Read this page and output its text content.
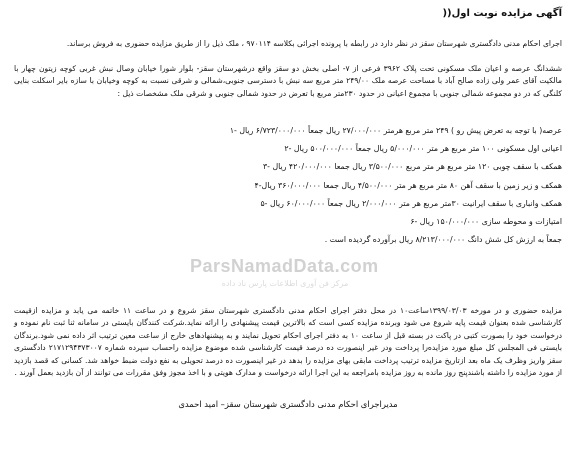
آگهی مزایده نوبت اول((
اجرای احکام مدنی دادگستری شهرستان سقز در نظر دارد در رابطه با پرونده اجرائی بکلاسه ۹۷۰۱۱۴ ، ملک ذیل را از طریق مزایده حضوری به فروش برساند.
ششدانگ عرصه و اعیان ملک مسکونی تحت پلاک ۳۹۶۲ فرعی از ۷- اصلی بخش دو سقز واقع درشهرستان سقز- بلوار شورا خیابان وصال نبش غربی کوچه زیتون چهار با مالکیت آقای عمر ولی زاده صالح آباد با مساحت عرصه ملک ۲۴۹/۰۰ متر مربع سه نبش با دسترسی جنوبی،شمالی و شرقی نسبت به کوچه وخیابان با سازه بایر اسکلت بنایی کلنگی که در دو مجموعه شمالی جنوبی با مجموع اعیانی در حدود ۲۳۰متر مربع با تعرض در حدود شمالی جنوبی و شرقی ملک مشخصات ذیل :
عرصه( با توجه به تعرض پیش رو ) ۲۴۹ متر مربع هرمتر ۲۷/۰۰۰/۰۰۰ ریال جمعاً ۶/۷۲۳/۰۰۰/۰۰۰ ریال -۱
اعیانی اول مسکونی ۱۰۰ متر مربع هر متر ۵/۰۰۰/۰۰۰ ریال جمعاً ۵۰۰/۰۰۰/۰۰۰ ریال -۲
همکف با سقف چوبی ۱۲۰ متر مربع هر متر مربع ۳/۵۰۰/۰۰۰ ریال جمعا ۴۲۰/۰۰۰/۰۰۰ ریال -۳
همکف و زیر زمین با سقف آهن ۸۰ متر مربع هر متر ۴/۵۰۰/۰۰۰ ریال جمعا ۳۶۰/۰۰۰/۰۰۰ ریال-۴
همکف وانباری با سقف ایرانیت ۳۰متر مربع هر متر ۲/۰۰۰/۰۰۰ ریال جمعاً ۶۰/۰۰۰/۰۰۰ ریال -۵
امتیازات و محوطه سازی ۱۵۰/۰۰۰/۰۰۰ ریال -۶
جمعاً به ارزش کل شش دانگ ۸/۲۱۳/۰۰۰/۰۰۰ ریال برآورده گردیده است .
مزایده حضوری و در مورخه ۱۳۹۹/۰۳/۰۳ساعت۱۰ در محل دفتر اجرای احکام مدنی دادگستری شهرستان سقز شروع و در ساعت ۱۱ خاتمه می یابد و مزایده ازقیمت کارشناسی شده بعنوان قیمت پایه شروع می شود وبرنده مزایده کسی است که بالاترین قیمت پیشنهادی را ارائه نماید.شرکت کنندگان بایستی در سامانه ثنا ثبت نام نموده و درخواست خود را بصورت کتبی در پاکت در بسته قبل از ساعت ۱۰ به دفتر اجرای احکام تحویل نمایند و به پیشنهادهای خارج از ساعت معین ترتیب اثر داده نمی شود.برندگان بایستی فی المجلس کل مبلغ مورد مزایده‌را پرداخت ودر غیر اینصورت ده درصد قیمت کارشناسی شده موضوع مزایده راحساب سپرده شماره ۲۱۷۱۲۹۴۳۷۳۰۰۷ دادگستری سقز واریز وظرف یک ماه بعد ازتاریخ مزایده ترتیب پرداخت مابقی بهای مزایده را بدهد در غیر اینصورت ده درصد تحویلی به نفع دولت ضبط خواهد شد. کسانی که قصد بازدید از مورد مزایده را داشته باشندپنج روز مانده به روز مزایده بامراجعه به این اجرا ارائه درخواست و مدارک هویتی و با اخذ مجوز وفق مقررات می توانند از آن بازدید بعمل آورند .
مدیراجرای احکام مدنی دادگستری شهرستان سقز– امید احمدی
ParsNamadData.com
مرکز فن آوری اطلاعات پارس ناد داده
